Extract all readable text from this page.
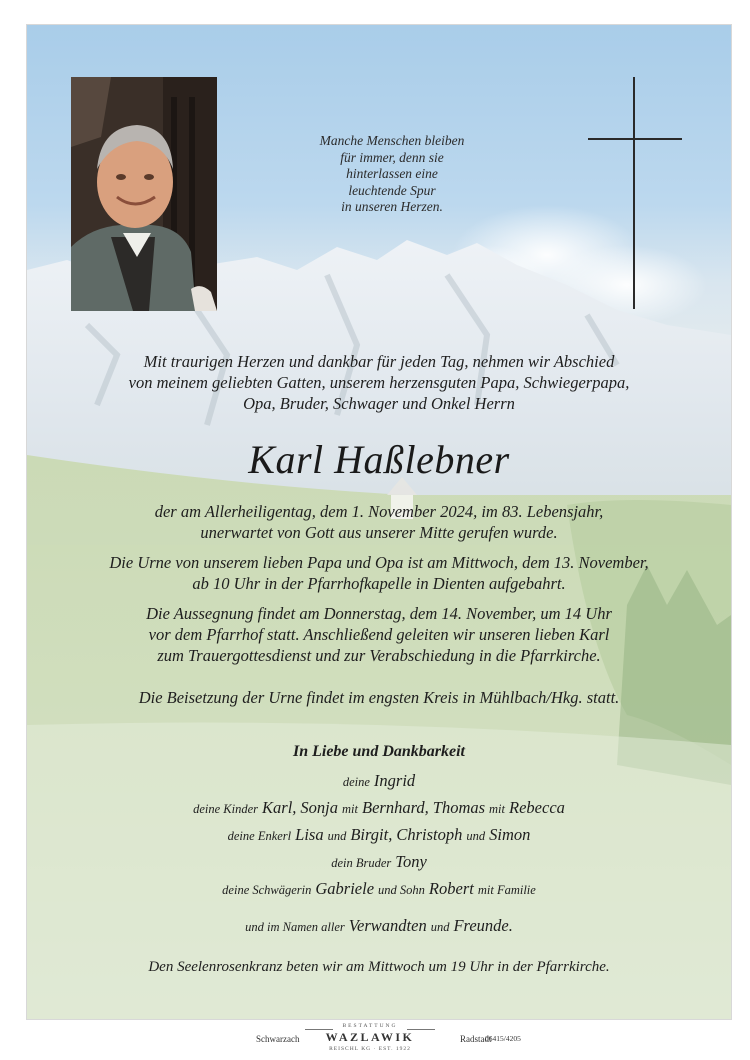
Manche Menschen bleiben
für immer, denn sie
hinterlassen eine
leuchtende Spur
in unseren Herzen.
Mit traurigen Herzen und dankbar für jeden Tag, nehmen wir Abschied
von meinem geliebten Gatten, unserem herzensguten Papa, Schwiegerpapa,
Opa, Bruder, Schwager und Onkel Herrn
Karl Haßlebner
der am Allerheiligentag, dem 1. November 2024, im 83. Lebensjahr,
unerwartet von Gott aus unserer Mitte gerufen wurde.
Die Urne von unserem lieben Papa und Opa ist am Mittwoch, dem 13. November,
ab 10 Uhr in der Pfarrhofkapelle in Dienten aufgebahrt.
Die Aussegnung findet am Donnerstag, dem 14. November, um 14 Uhr
vor dem Pfarrhof statt. Anschließend geleiten wir unseren lieben Karl
zum Trauergottesdienst und zur Verabschiedung in die Pfarrkirche.
Die Beisetzung der Urne findet im engsten Kreis in Mühlbach/Hkg. statt.
In Liebe und Dankbarkeit
deine Ingrid
deine Kinder Karl, Sonja mit Bernhard, Thomas mit Rebecca
deine Enkerl Lisa und Birgit, Christoph und Simon
dein Bruder Tony
deine Schwägerin Gabriele und Sohn Robert mit Familie
und im Namen aller Verwandten und Freunde.
Den Seelenrosenkranz beten wir am Mittwoch um 19 Uhr in der Pfarrkirche.
Schwarzach
BESTATTUNG
WAZLAWIK
REISCHL KG · EST. 1922
Radstadt
06415/4205
